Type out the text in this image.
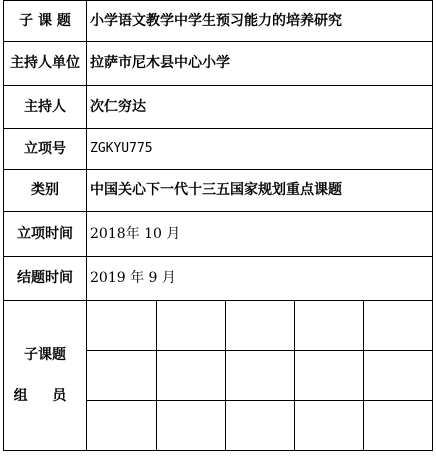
子 课 题	小学语文教学中学生预习能力的培养研究
主持人单位	拉萨市尼木县中心小学
主持人	次仁穷达
立项号	ZGKYU775
类别	中国关心下一代十三五国家规划重点课题
立项时间	2018年 10 月
结题时间	2019 年 9 月

子课题
组 员
